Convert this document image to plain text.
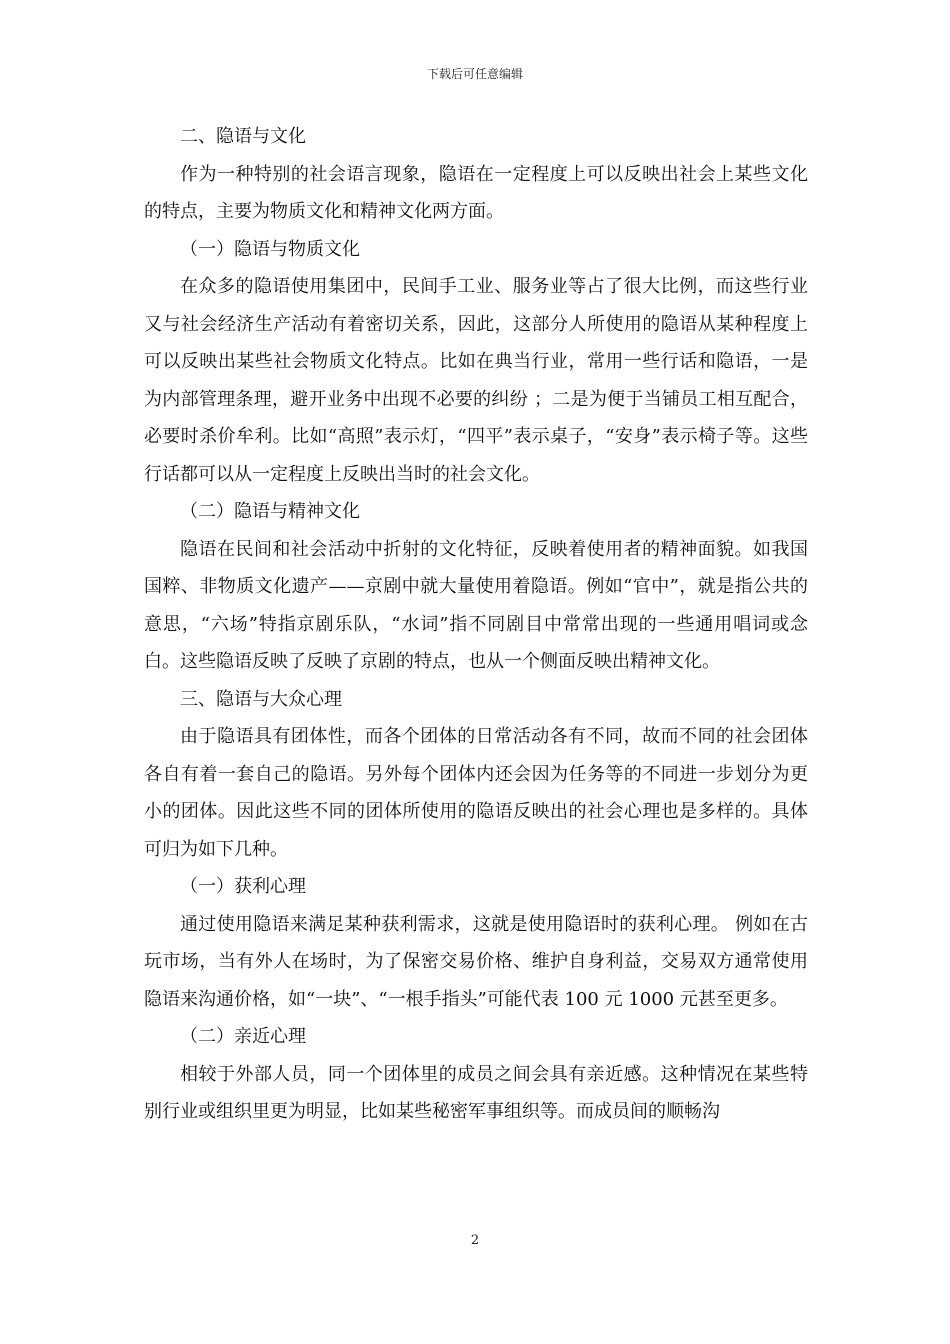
下载后可任意编辑

二、隐语与文化

作为一种特别的社会语言现象，隐语在一定程度上可以反映出社会上某些文化的特点，主要为物质文化和精神文化两方面。

（一）隐语与物质文化

在众多的隐语使用集团中，民间手工业、服务业等占了很大比例，而这些行业又与社会经济生产活动有着密切关系，因此，这部分人所使用的隐语从某种程度上可以反映出某些社会物质文化特点。比如在典当行业，常用一些行话和隐语，一是为内部管理条理，避开业务中出现不必要的纠纷 ；二是为便于当铺员工相互配合，必要时杀价牟利。比如“高照”表示灯，“四平”表示桌子，“安身”表示椅子等。这些行话都可以从一定程度上反映出当时的社会文化。

（二）隐语与精神文化

隐语在民间和社会活动中折射的文化特征，反映着使用者的精神面貌。如我国国粹、非物质文化遗产——京剧中就大量使用着隐语。例如“官中”，就是指公共的意思，“六场”特指京剧乐队，“水词”指不同剧目中常常出现的一些通用唱词或念白。这些隐语反映了反映了京剧的特点，也从一个侧面反映出精神文化。

三、隐语与大众心理

由于隐语具有团体性，而各个团体的日常活动各有不同，故而不同的社会团体各自有着一套自己的隐语。另外每个团体内还会因为任务等的不同进一步划分为更小的团体。因此这些不同的团体所使用的隐语反映出的社会心理也是多样的。具体可归为如下几种。

（一）获利心理

通过使用隐语来满足某种获利需求，这就是使用隐语时的获利心理。 例如在古玩市场，当有外人在场时，为了保密交易价格、维护自身利益，交易双方通常使用隐语来沟通价格，如“一块”、“一根手指头”可能代表 100 元 1000 元甚至更多。

（二）亲近心理

相较于外部人员，同一个团体里的成员之间会具有亲近感。这种情况在某些特别行业或组织里更为明显，比如某些秘密军事组织等。而成员间的顺畅沟

2
